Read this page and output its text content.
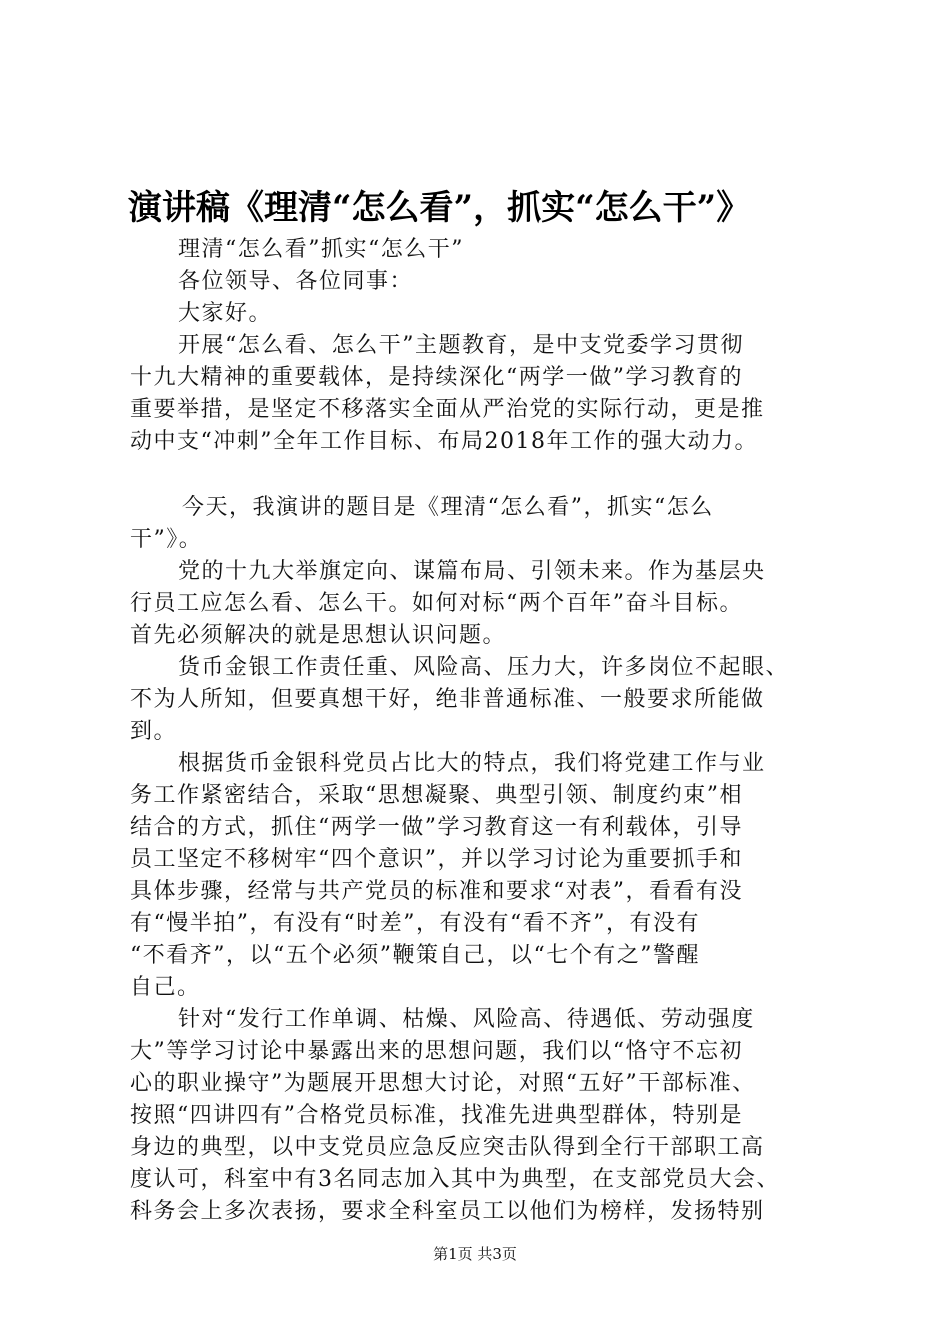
演讲稿《理清“怎么看”，抓实“怎么干”》

理清“怎么看”抓实“怎么干”

各位领导、各位同事：

大家好。

开展“怎么看、怎么干”主题教育，是中支党委学习贯彻

十九大精神的重要载体，是持续深化“两学一做”学习教育的

重要举措，是坚定不移落实全面从严治党的实际行动，更是推

动中支“冲刺”全年工作目标、布局2018年工作的强大动力。

今天，我演讲的题目是《理清“怎么看”，抓实“怎么

干”》。

党的十九大举旗定向、谋篇布局、引领未来。作为基层央

行员工应怎么看、怎么干。如何对标“两个百年”奋斗目标。

首先必须解决的就是思想认识问题。

货币金银工作责任重、风险高、压力大，许多岗位不起眼、

不为人所知，但要真想干好，绝非普通标准、一般要求所能做

到。

根据货币金银科党员占比大的特点，我们将党建工作与业

务工作紧密结合，采取“思想凝聚、典型引领、制度约束”相

结合的方式，抓住“两学一做”学习教育这一有利载体，引导

员工坚定不移树牢“四个意识”，并以学习讨论为重要抓手和

具体步骤，经常与共产党员的标准和要求“对表”，看看有没

有“慢半拍”，有没有“时差”，有没有“看不齐”，有没有

“不看齐”，以“五个必须”鞭策自己，以“七个有之”警醒

自己。

针对“发行工作单调、枯燥、风险高、待遇低、劳动强度

大”等学习讨论中暴露出来的思想问题，我们以“恪守不忘初

心的职业操守”为题展开思想大讨论，对照“五好”干部标准、

按照“四讲四有”合格党员标准，找准先进典型群体，特别是

身边的典型，以中支党员应急反应突击队得到全行干部职工高

度认可，科室中有3名同志加入其中为典型，在支部党员大会、

科务会上多次表扬，要求全科室员工以他们为榜样，发扬特别

第1页 共3页
